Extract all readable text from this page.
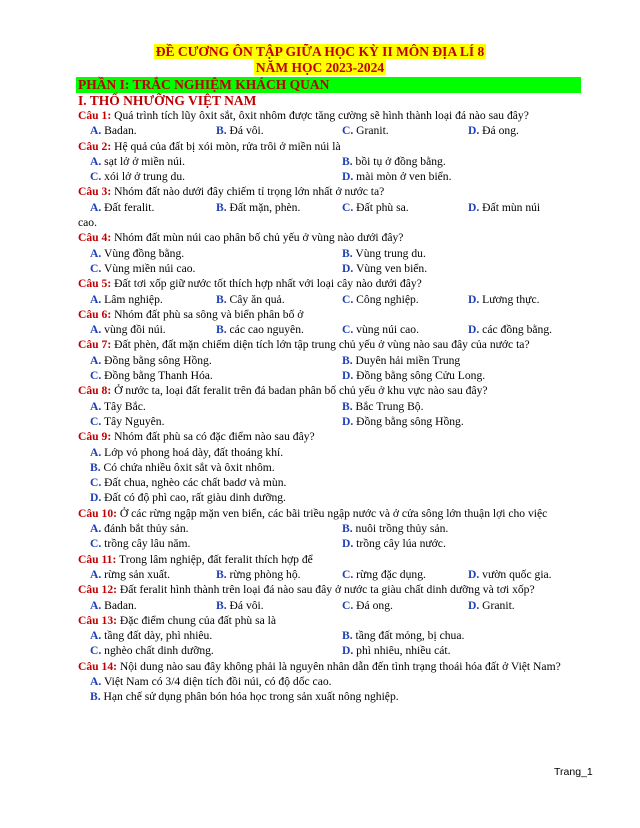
ĐỀ CƯƠNG ÔN TẬP GIỮA HỌC KỲ II MÔN ĐỊA LÍ 8
NĂM HỌC 2023-2024
PHẦN I: TRẮC NGHIỆM KHÁCH QUAN
I. THỔ NHƯỠNG VIỆT NAM
Câu 1: Quá trình tích lũy ôxit sắt, ôxit nhôm được tăng cường sẽ hình thành loại đá nào sau đây?
A. Badan.	B. Đá vôi.	C. Granit.	D. Đá ong.
Câu 2: Hệ quả của đất bị xói mòn, rửa trôi ở miền núi là
A. sạt lở ở miền núi.	B. bồi tụ ở đồng bằng.
C. xói lở ở trung du.	D. mài mòn ở ven biển.
Câu 3: Nhóm đất nào dưới đây chiếm tỉ trọng lớn nhất ở nước ta?
A. Đất feralit.	B. Đất mặn, phèn.	C. Đất phù sa.	D. Đất mùn núi
cao.
Câu 4: Nhóm đất mùn núi cao phân bố chủ yếu ở vùng nào dưới đây?
A. Vùng đồng bằng.	B. Vùng trung du.
C. Vùng miền núi cao.	D. Vùng ven biển.
Câu 5: Đất tơi xốp giữ nước tốt thích hợp nhất với loại cây nào dưới đây?
A. Lâm nghiệp.	B. Cây ăn quả.	C. Công nghiệp.	D. Lương thực.
Câu 6: Nhóm đất phù sa sông và biển phân bố ở
A. vùng đồi núi.	B. các cao nguyên.	C. vùng núi cao.	D. các đồng bằng.
Câu 7: Đất phèn, đất mặn chiếm diện tích lớn tập trung chủ yếu ở vùng nào sau đây của nước ta?
A. Đồng bằng sông Hồng.	B. Duyên hải miền Trung
C. Đồng bằng Thanh Hóa.	D. Đồng bằng sông Cửu Long.
Câu 8: Ở nước ta, loại đất feralit trên đá badan phân bố chủ yếu ở khu vực nào sau đây?
A. Tây Bắc.	B. Bắc Trung Bộ.
C. Tây Nguyên.	D. Đồng bằng sông Hồng.
Câu 9: Nhóm đất phù sa có đặc điểm nào sau đây?
A. Lớp vỏ phong hoá dày, đất thoáng khí.
B. Có chứa nhiều ôxit sắt và ôxit nhôm.
C. Đất chua, nghèo các chất badơ và mùn.
D. Đất có độ phì cao, rất giàu dinh dưỡng.
Câu 10: Ở các rừng ngập mặn ven biển, các bãi triều ngập nước và ở cửa sông lớn thuận lợi cho việc
A. đánh bắt thủy sản.	B. nuôi trồng thủy sản.
C. trồng cây lâu năm.	D. trồng cây lúa nước.
Câu 11: Trong lâm nghiệp, đất feralit thích hợp để
A. rừng sản xuất.	B. rừng phòng hộ.	C. rừng đặc dụng.	D. vườn quốc gia.
Câu 12: Đất feralit hình thành trên loại đá nào sau đây ở nước ta giàu chất dinh dưỡng và tơi xốp?
A. Badan.	B. Đá vôi.	C. Đá ong.	D. Granit.
Câu 13: Đặc điểm chung của đất phù sa là
A. tầng đất dày, phì nhiêu.	B. tầng đất mỏng, bị chua.
C. nghèo chất dinh dưỡng.	D. phì nhiêu, nhiều cát.
Câu 14: Nội dung nào sau đây không phải là nguyên nhân dẫn đến tình trạng thoái hóa đất ở Việt Nam?
A. Việt Nam có 3/4 diện tích đồi núi, có độ dốc cao.
B. Hạn chế sử dụng phân bón hóa học trong sản xuất nông nghiệp.
Trang_1
